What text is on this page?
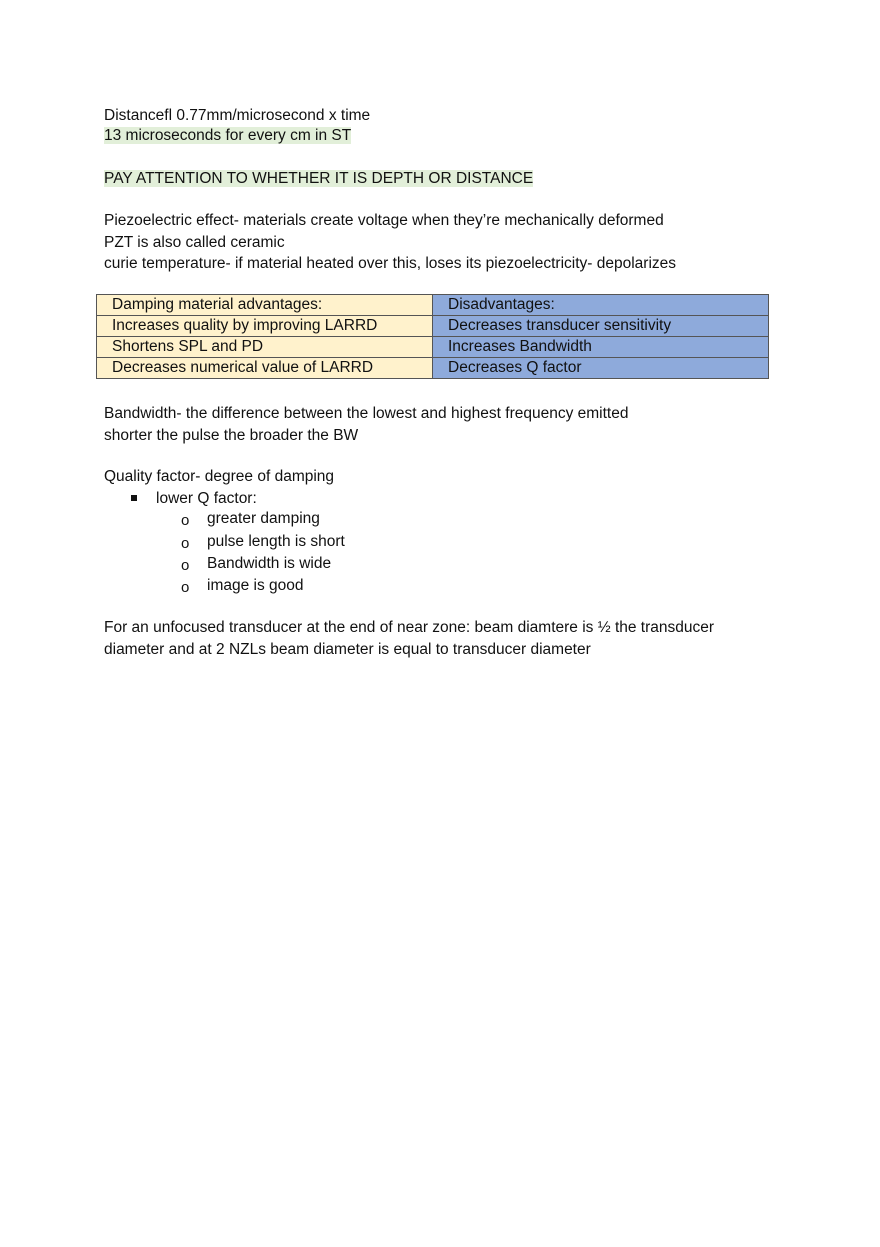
Distancefl 0.77mm/microsecond x time
13 microseconds for every cm in ST
PAY ATTENTION TO WHETHER IT IS DEPTH OR DISTANCE
Piezoelectric effect- materials create voltage when they’re mechanically deformed
PZT is also called ceramic
curie temperature- if material heated over this, loses its piezoelectricity- depolarizes
Damping material advantages:	Disadvantages:
Increases quality by improving LARRD	Decreases transducer sensitivity
Shortens SPL and PD	Increases Bandwidth
Decreases numerical value of LARRD	Decreases Q factor
Bandwidth- the difference between the lowest and highest frequency emitted
shorter the pulse the broader the BW
Quality factor- degree of damping
lower Q factor:
o greater damping
o pulse length is short
o Bandwidth is wide
o image is good
For an unfocused transducer at the end of near zone: beam diamtere is ½ the transducer
diameter and at 2 NZLs beam diameter is equal to transducer diameter
